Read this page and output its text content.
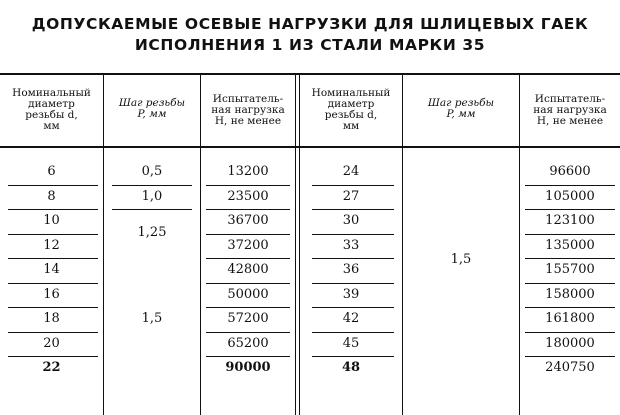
ДОПУСКАЕМЫЕ ОСЕВЫЕ НАГРУЗКИ ДЛЯ ШЛИЦЕВЫХ ГАЕК
ИСПОЛНЕНИЯ 1 ИЗ СТАЛИ МАРКИ 35
Номинальный
диаметр
резьбы d,
мм
Шаг резьбы
P, мм
Испытатель-
ная нагрузка
H, не менее
Номинальный
диаметр
резьбы d,
мм
Шаг резьбы
P, мм
Испытатель-
ная нагрузка
H, не менее
6
8
10
12
14
16
18
20
22
13200
23500
36700
37200
42800
50000
57200
65200
90000
0,5
1,0
1,25
1,5
24
27
30
33
36
39
42
45
48
96600
105000
123100
135000
155700
158000
161800
180000
240750
1,5
